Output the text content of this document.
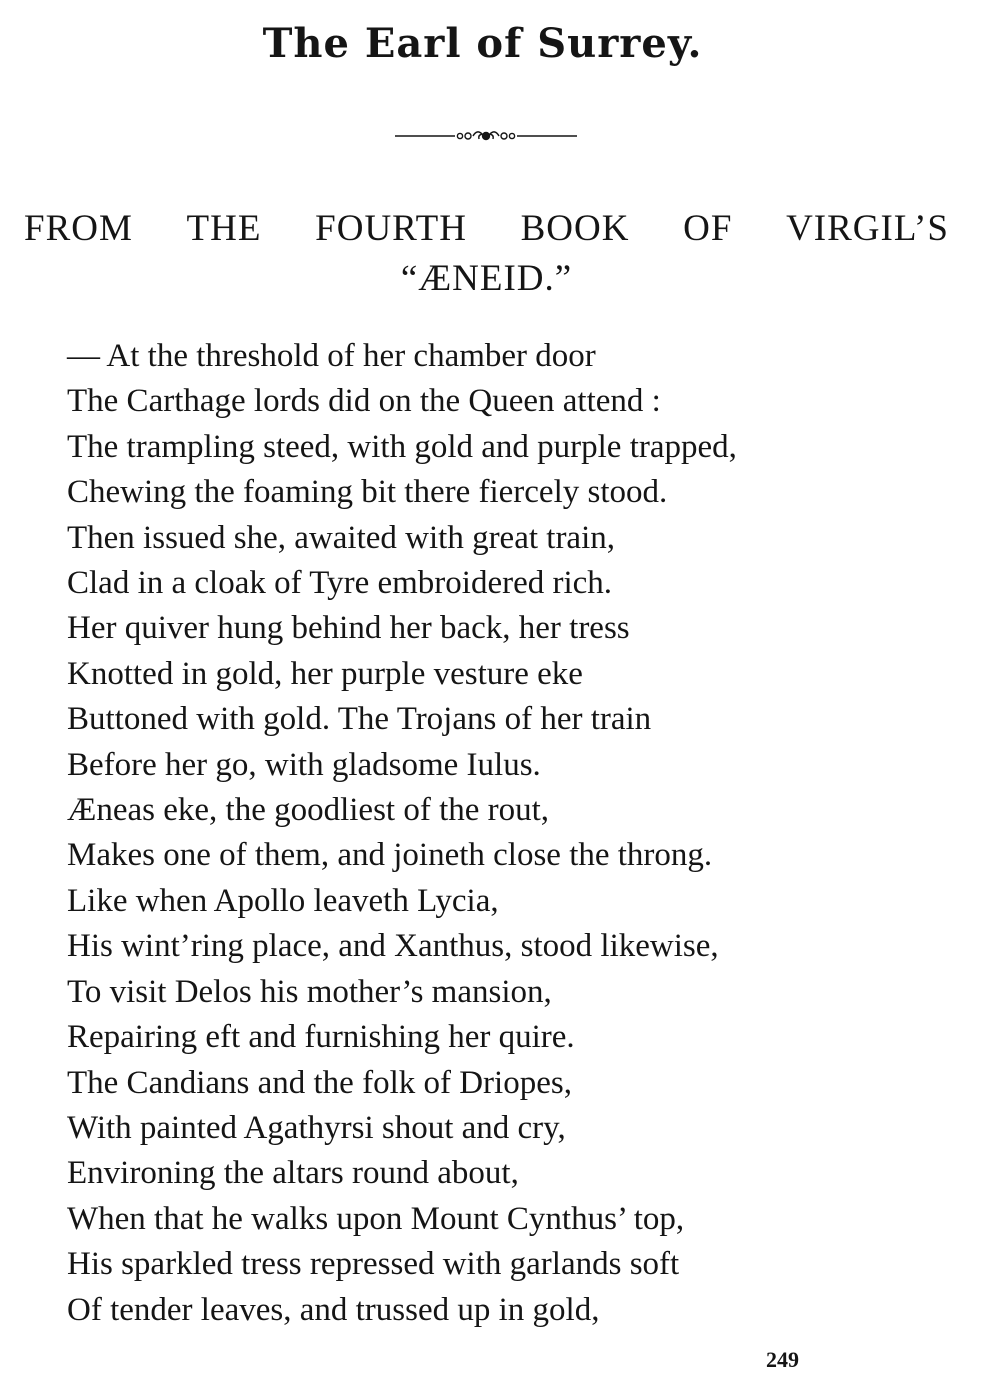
The Earl of Surrey.
FROM THE FOURTH BOOK OF VIRGIL’S
“ÆNEID.”
— At the threshold of her chamber door
The Carthage lords did on the Queen attend :
The trampling steed, with gold and purple trapped,
Chewing the foaming bit there fiercely stood.
Then issued she, awaited with great train,
Clad in a cloak of Tyre embroidered rich.
Her quiver hung behind her back, her tress
Knotted in gold, her purple vesture eke
Buttoned with gold. The Trojans of her train
Before her go, with gladsome Iulus.
Æneas eke, the goodliest of the rout,
Makes one of them, and joineth close the throng.
Like when Apollo leaveth Lycia,
His wint’ring place, and Xanthus, stood likewise,
To visit Delos his mother’s mansion,
Repairing eft and furnishing her quire.
The Candians and the folk of Driopes,
With painted Agathyrsi shout and cry,
Environing the altars round about,
When that he walks upon Mount Cynthus’ top,
His sparkled tress repressed with garlands soft
Of tender leaves, and trussed up in gold,
249
